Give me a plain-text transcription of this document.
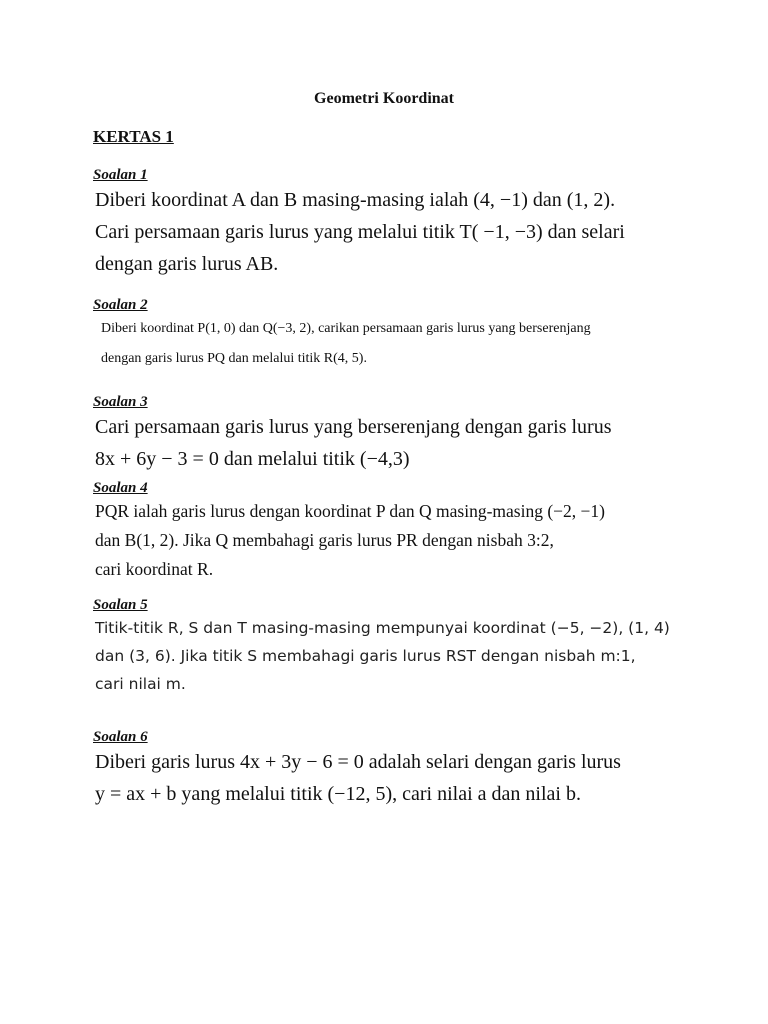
Geometri Koordinat
KERTAS 1
Soalan 1
Diberi koordinat A dan B masing-masing ialah (4, −1) dan (1, 2).
Cari persamaan garis lurus yang melalui titik T( −1, −3) dan selari
dengan garis lurus AB.
Soalan 2
Diberi koordinat P(1, 0) dan Q(−3, 2), carikan persamaan garis lurus yang berserenjang
dengan garis lurus PQ dan melalui titik R(4, 5).
Soalan 3
Cari persamaan garis lurus yang berserenjang dengan garis lurus
8x + 6y − 3 = 0 dan melalui titik (−4,3)
Soalan 4
PQR ialah garis lurus dengan koordinat P dan Q masing-masing (−2, −1)
dan B(1, 2). Jika Q membahagi garis lurus PR dengan nisbah 3:2,
cari koordinat R.
Soalan 5
Titik-titik R, S dan T masing-masing mempunyai koordinat (−5, −2), (1, 4)
dan (3, 6). Jika titik S membahagi garis lurus RST dengan nisbah m:1,
cari nilai m.
Soalan 6
Diberi garis lurus 4x + 3y − 6 = 0 adalah selari dengan garis lurus
y = ax + b yang melalui titik (−12, 5), cari nilai a dan nilai b.
